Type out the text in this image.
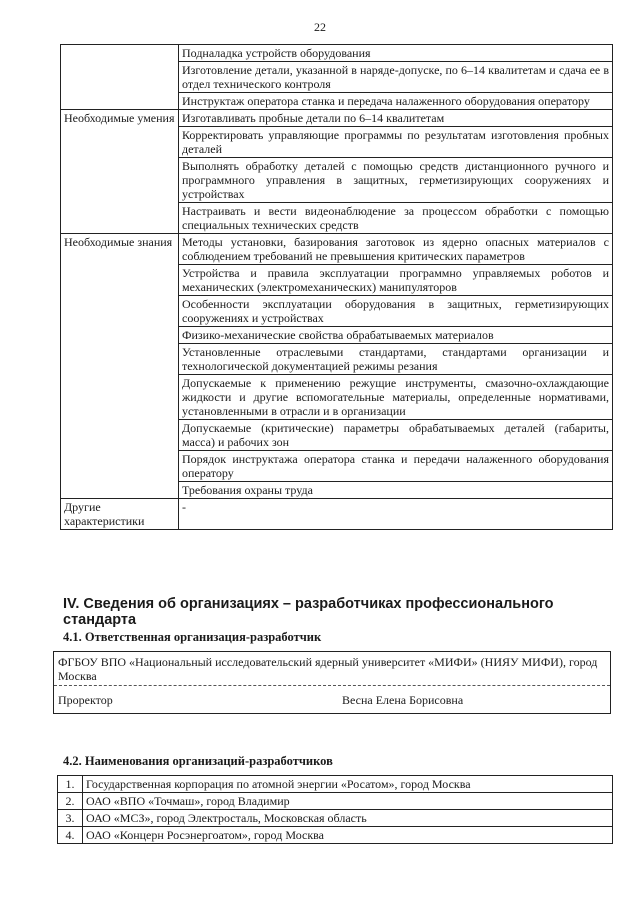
22
	Подналадка устройств оборудования
	Изготовление детали, указанной в наряде-допуске, по 6–14 квалитетам и сдача ее в отдел технического контроля
	Инструктаж оператора станка и передача налаженного оборудования оператору
Необходимые умения	Изготавливать пробные детали по 6–14 квалитетам
	Корректировать управляющие программы по результатам изготовления пробных деталей
	Выполнять обработку деталей с помощью средств дистанционного ручного и программного управления в защитных, герметизирующих сооружениях и устройствах
	Настраивать и вести видеонаблюдение за процессом обработки с помощью специальных технических средств
Необходимые знания	Методы установки, базирования заготовок из ядерно опасных материалов с соблюдением требований не превышения критических параметров
	Устройства и правила эксплуатации программно управляемых роботов и механических (электромеханических) манипуляторов
	Особенности эксплуатации оборудования в защитных, герметизирующих сооружениях и устройствах
	Физико-механические свойства обрабатываемых материалов
	Установленные отраслевыми стандартами, стандартами организации и технологической документацией режимы резания
	Допускаемые к применению режущие инструменты, смазочно-охлаждающие жидкости и другие вспомогательные материалы, определенные нормативами, установленными в отрасли и в организации
	Допускаемые (критические) параметры обрабатываемых деталей (габариты, масса) и рабочих зон
	Порядок инструктажа оператора станка и передачи налаженного оборудования оператору
	Требования охраны труда
Другие характеристики	-
IV. Сведения об организациях – разработчиках профессионального стандарта
4.1. Ответственная организация-разработчик
ФГБОУ ВПО «Национальный исследовательский ядерный университет «МИФИ» (НИЯУ МИФИ), город Москва
Проректор	Весна Елена Борисовна
4.2. Наименования организаций-разработчиков
1.	Государственная корпорация по атомной энергии «Росатом», город Москва
2.	ОАО «ВПО «Точмаш», город Владимир
3.	ОАО «МСЗ», город Электросталь, Московская область
4.	ОАО «Концерн Росэнергоатом», город Москва
